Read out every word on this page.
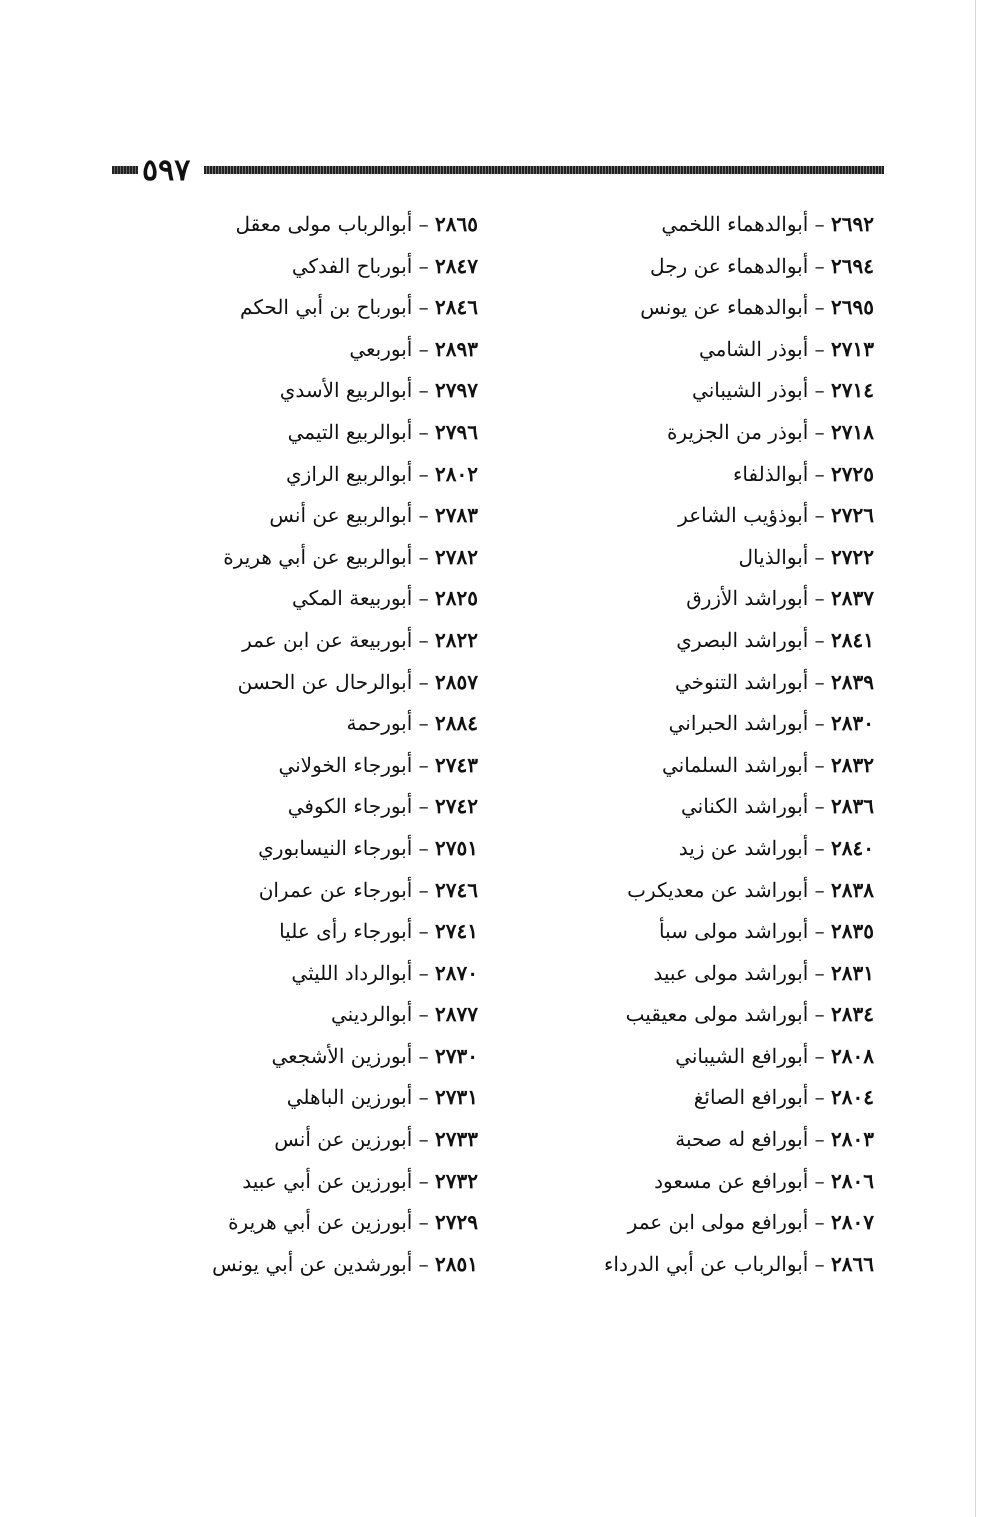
٥٩٧
٢٦٩٢ – أبوالدهماء اللخمي
٢٦٩٤ – أبوالدهماء عن رجل
٢٦٩٥ – أبوالدهماء عن يونس
٢٧١٣ – أبوذر الشامي
٢٧١٤ – أبوذر الشيباني
٢٧١٨ – أبوذر من الجزيرة
٢٧٢٥ – أبوالذلفاء
٢٧٢٦ – أبوذؤيب الشاعر
٢٧٢٢ – أبوالذيال
٢٨٣٧ – أبوراشد الأزرق
٢٨٤١ – أبوراشد البصري
٢٨٣٩ – أبوراشد التنوخي
٢٨٣٠ – أبوراشد الحبراني
٢٨٣٢ – أبوراشد السلماني
٢٨٣٦ – أبوراشد الكناني
٢٨٤٠ – أبوراشد عن زيد
٢٨٣٨ – أبوراشد عن معديكرب
٢٨٣٥ – أبوراشد مولى سبأ
٢٨٣١ – أبوراشد مولى عبيد
٢٨٣٤ – أبوراشد مولى معيقيب
٢٨٠٨ – أبورافع الشيباني
٢٨٠٤ – أبورافع الصائغ
٢٨٠٣ – أبورافع له صحبة
٢٨٠٦ – أبورافع عن مسعود
٢٨٠٧ – أبورافع مولى ابن عمر
٢٨٦٦ – أبوالرباب عن أبي الدرداء
٢٨٦٥ – أبوالرباب مولى معقل
٢٨٤٧ – أبورباح الفدكي
٢٨٤٦ – أبورباح بن أبي الحكم
٢٨٩٣ – أبوربعي
٢٧٩٧ – أبوالربيع الأسدي
٢٧٩٦ – أبوالربيع التيمي
٢٨٠٢ – أبوالربيع الرازي
٢٧٨٣ – أبوالربيع عن أنس
٢٧٨٢ – أبوالربيع عن أبي هريرة
٢٨٢٥ – أبوربيعة المكي
٢٨٢٢ – أبوربيعة عن ابن عمر
٢٨٥٧ – أبوالرحال عن الحسن
٢٨٨٤ – أبورحمة
٢٧٤٣ – أبورجاء الخولاني
٢٧٤٢ – أبورجاء الكوفي
٢٧٥١ – أبورجاء النيسابوري
٢٧٤٦ – أبورجاء عن عمران
٢٧٤١ – أبورجاء رأى عليا
٢٨٧٠ – أبوالرداد الليثي
٢٨٧٧ – أبوالرديني
٢٧٣٠ – أبورزين الأشجعي
٢٧٣١ – أبورزين الباهلي
٢٧٣٣ – أبورزين عن أنس
٢٧٣٢ – أبورزين عن أبي عبيد
٢٧٢٩ – أبورزين عن أبي هريرة
٢٨٥١ – أبورشدين عن أبي يونس
